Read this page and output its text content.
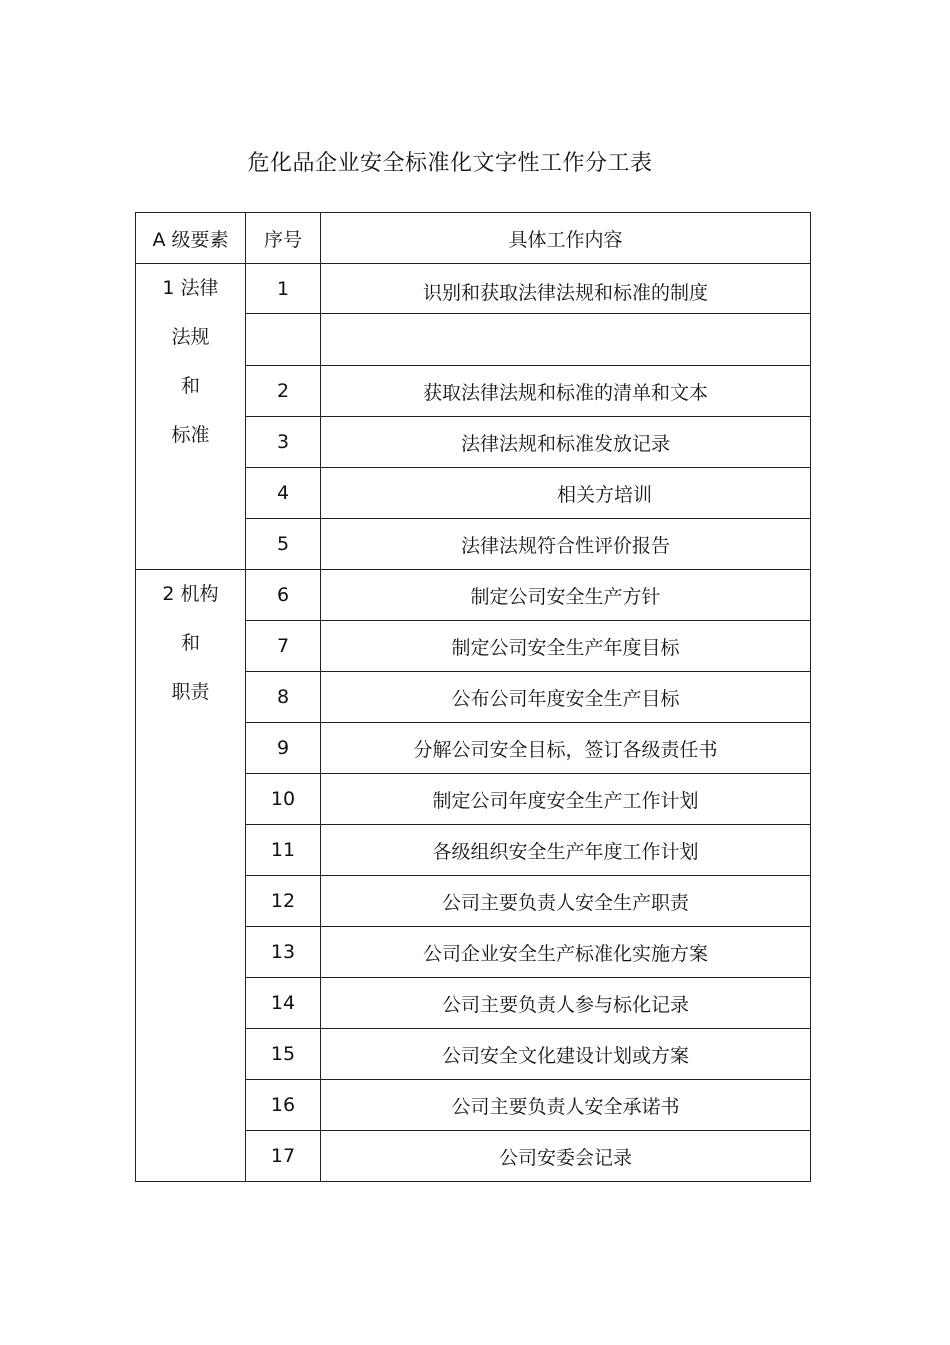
危化品企业安全标准化文字性工作分工表
A 级要素	序号	具体工作内容

1 法律
法规
和
标准	1	识别和获取法律法规和标准的制度

	2	获取法律法规和标准的清单和文本
	3	法律法规和标准发放记录
	4	相关方培训
	5	法律法规符合性评价报告

2 机构
和
职责	6	制定公司安全生产方针
	7	制定公司安全生产年度目标
	8	公布公司年度安全生产目标
	9	分解公司安全目标，签订各级责任书
	10	制定公司年度安全生产工作计划
	11	各级组织安全生产年度工作计划
	12	公司主要负责人安全生产职责
	13	公司企业安全生产标准化实施方案
	14	公司主要负责人参与标化记录
	15	公司安全文化建设计划或方案
	16	公司主要负责人安全承诺书
	17	公司安委会记录
